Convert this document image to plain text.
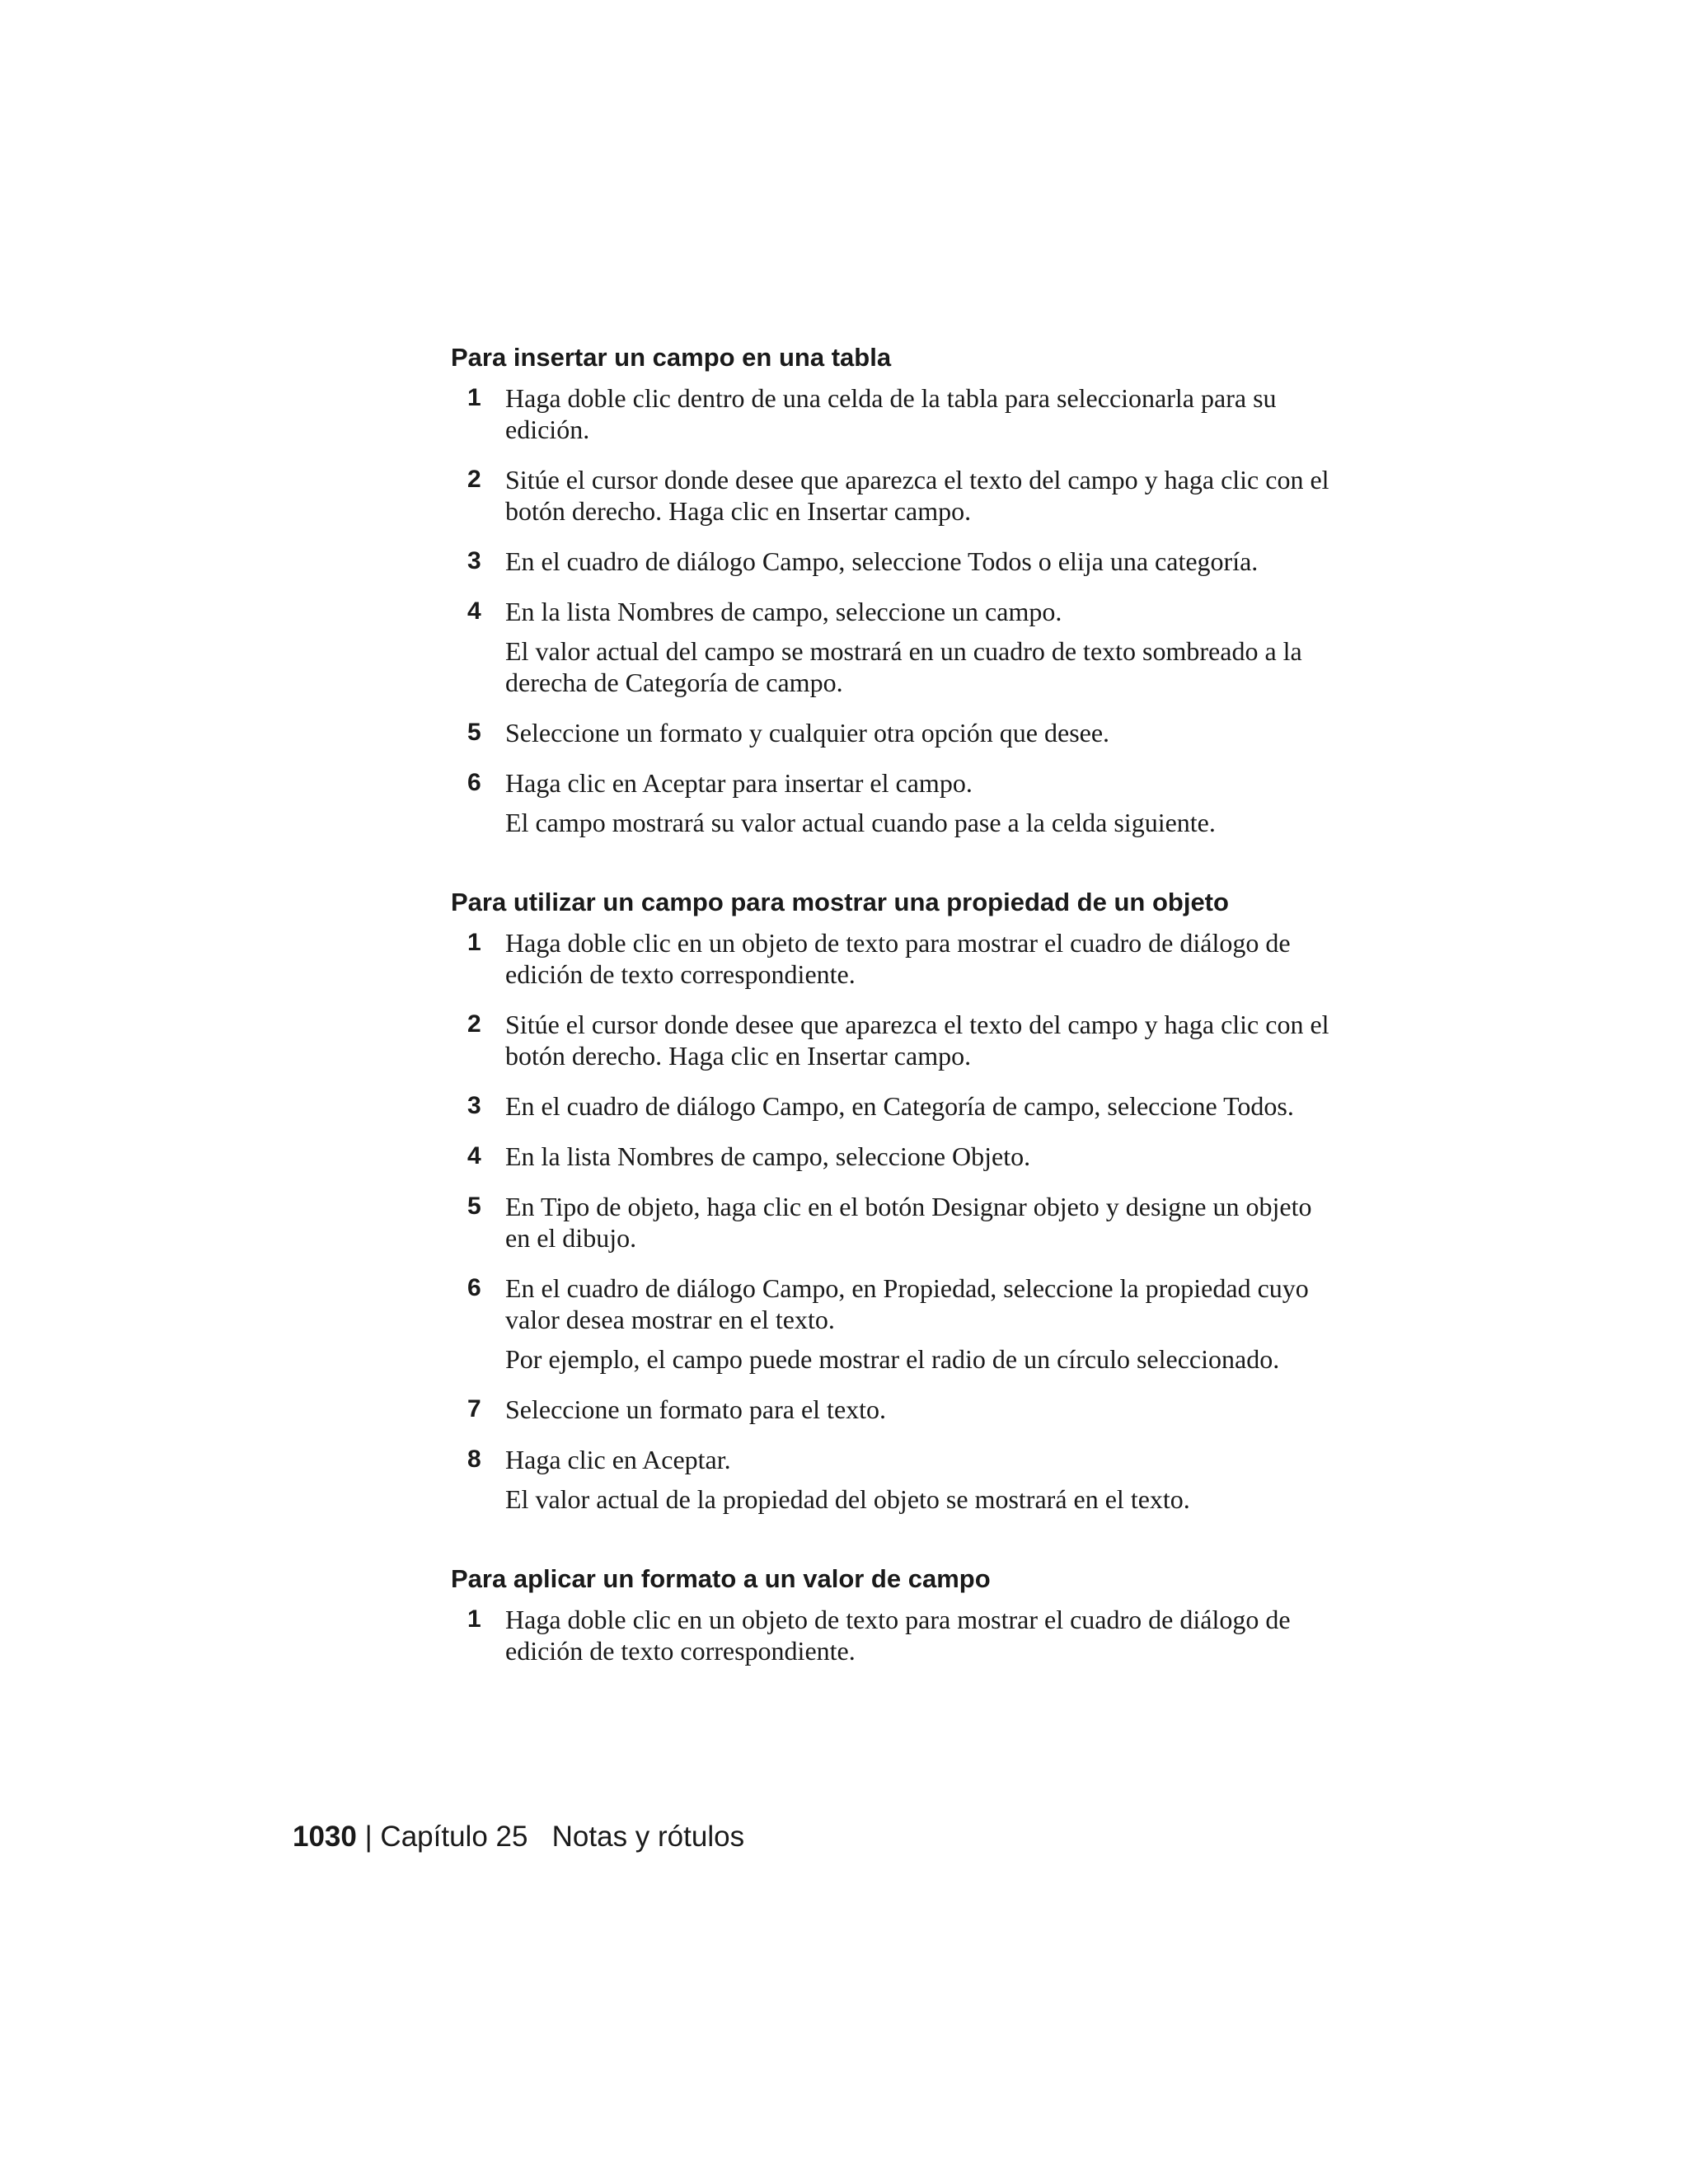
Para insertar un campo en una tabla
1 Haga doble clic dentro de una celda de la tabla para seleccionarla para su edición.

2 Sitúe el cursor donde desee que aparezca el texto del campo y haga clic con el botón derecho. Haga clic en Insertar campo.

3 En el cuadro de diálogo Campo, seleccione Todos o elija una categoría.

4 En la lista Nombres de campo, seleccione un campo.

El valor actual del campo se mostrará en un cuadro de texto sombreado a la derecha de Categoría de campo.

5 Seleccione un formato y cualquier otra opción que desee.

6 Haga clic en Aceptar para insertar el campo.

El campo mostrará su valor actual cuando pase a la celda siguiente.

Para utilizar un campo para mostrar una propiedad de un objeto
1 Haga doble clic en un objeto de texto para mostrar el cuadro de diálogo de edición de texto correspondiente.

2 Sitúe el cursor donde desee que aparezca el texto del campo y haga clic con el botón derecho. Haga clic en Insertar campo.

3 En el cuadro de diálogo Campo, en Categoría de campo, seleccione Todos.

4 En la lista Nombres de campo, seleccione Objeto.

5 En Tipo de objeto, haga clic en el botón Designar objeto y designe un objeto en el dibujo.

6 En el cuadro de diálogo Campo, en Propiedad, seleccione la propiedad cuyo valor desea mostrar en el texto.

Por ejemplo, el campo puede mostrar el radio de un círculo seleccionado.

7 Seleccione un formato para el texto.

8 Haga clic en Aceptar.

El valor actual de la propiedad del objeto se mostrará en el texto.

Para aplicar un formato a un valor de campo
1 Haga doble clic en un objeto de texto para mostrar el cuadro de diálogo de edición de texto correspondiente.

1030 | Capítulo 25 Notas y rótulos
